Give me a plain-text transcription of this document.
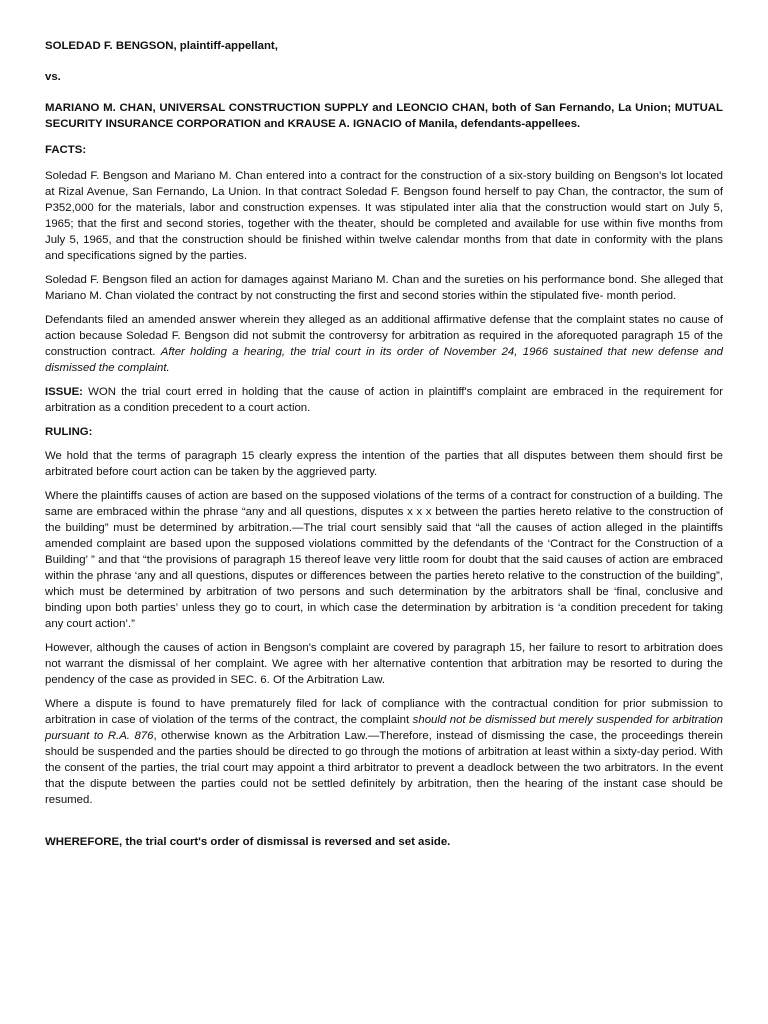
SOLEDAD F. BENGSON, plaintiff-appellant,

vs.

MARIANO M. CHAN, UNIVERSAL CONSTRUCTION SUPPLY and LEONCIO CHAN, both of San Fernando, La Union; MUTUAL SECURITY INSURANCE CORPORATION and KRAUSE A. IGNACIO of Manila, defendants-appellees.

FACTS:

Soledad F. Bengson and Mariano M. Chan entered into a contract for the construction of a six-story building on Bengson's lot located at Rizal Avenue, San Fernando, La Union. In that contract Soledad F. Bengson found herself to pay Chan, the contractor, the sum of P352,000 for the materials, labor and construction expenses. It was stipulated inter alia that the construction would start on July 5, 1965; that the first and second stories, together with the theater, should be completed and available for use within five months from July 5, 1965, and that the construction should be finished within twelve calendar months from that date in conformity with the plans and specifications signed by the parties.

Soledad F. Bengson filed an action for damages against Mariano M. Chan and the sureties on his performance bond. She alleged that Mariano M. Chan violated the contract by not constructing the first and second stories within the stipulated five- month period.

Defendants filed an amended answer wherein they alleged as an additional affirmative defense that the complaint states no cause of action because Soledad F. Bengson did not submit the controversy for arbitration as required in the aforequoted paragraph 15 of the construction contract. After holding a hearing, the trial court in its order of November 24, 1966 sustained that new defense and dismissed the complaint.

ISSUE: WON the trial court erred in holding that the cause of action in plaintiff's complaint are embraced in the requirement for arbitration as a condition precedent to a court action.

RULING:

We hold that the terms of paragraph 15 clearly express the intention of the parties that all disputes between them should first be arbitrated before court action can be taken by the aggrieved party.

Where the plaintiffs causes of action are based on the supposed violations of the terms of a contract for construction of a building. The same are embraced within the phrase “any and all questions, disputes x x x between the parties hereto relative to the construction of the building” must be determined by arbitration.—The trial court sensibly said that “all the causes of action alleged in the plaintiffs amended complaint are based upon the supposed violations committed by the defendants of the ‘Contract for the Construction of a Building’ ” and that “the provisions of paragraph 15 thereof leave very little room for doubt that the said causes of action are embraced within the phrase ‘any and all questions, disputes or differences between the parties hereto relative to the construction of the building”, which must be determined by arbitration of two persons and such determination by the arbitrators shall be ‘final, conclusive and binding upon both parties’ unless they go to court, in which case the determination by arbitration is ‘a condition precedent for taking any court action’.”

However, although the causes of action in Bengson's complaint are covered by paragraph 15, her failure to resort to arbitration does not warrant the dismissal of her complaint. We agree with her alternative contention that arbitration may be resorted to during the pendency of the case as provided in SEC. 6. Of the Arbitration Law.

Where a dispute is found to have prematurely filed for lack of compliance with the contractual condition for prior submission to arbitration in case of violation of the terms of the contract, the complaint should not be dismissed but merely suspended for arbitration pursuant to R.A. 876, otherwise known as the Arbitration Law.—Therefore, instead of dismissing the case, the proceedings therein should be suspended and the parties should be directed to go through the motions of arbitration at least within a sixty-day period. With the consent of the parties, the trial court may appoint a third arbitrator to prevent a deadlock between the two arbitrators. In the event that the dispute between the parties could not be settled definitely by arbitration, then the hearing of the instant case should be resumed.

WHEREFORE, the trial court's order of dismissal is reversed and set aside.
